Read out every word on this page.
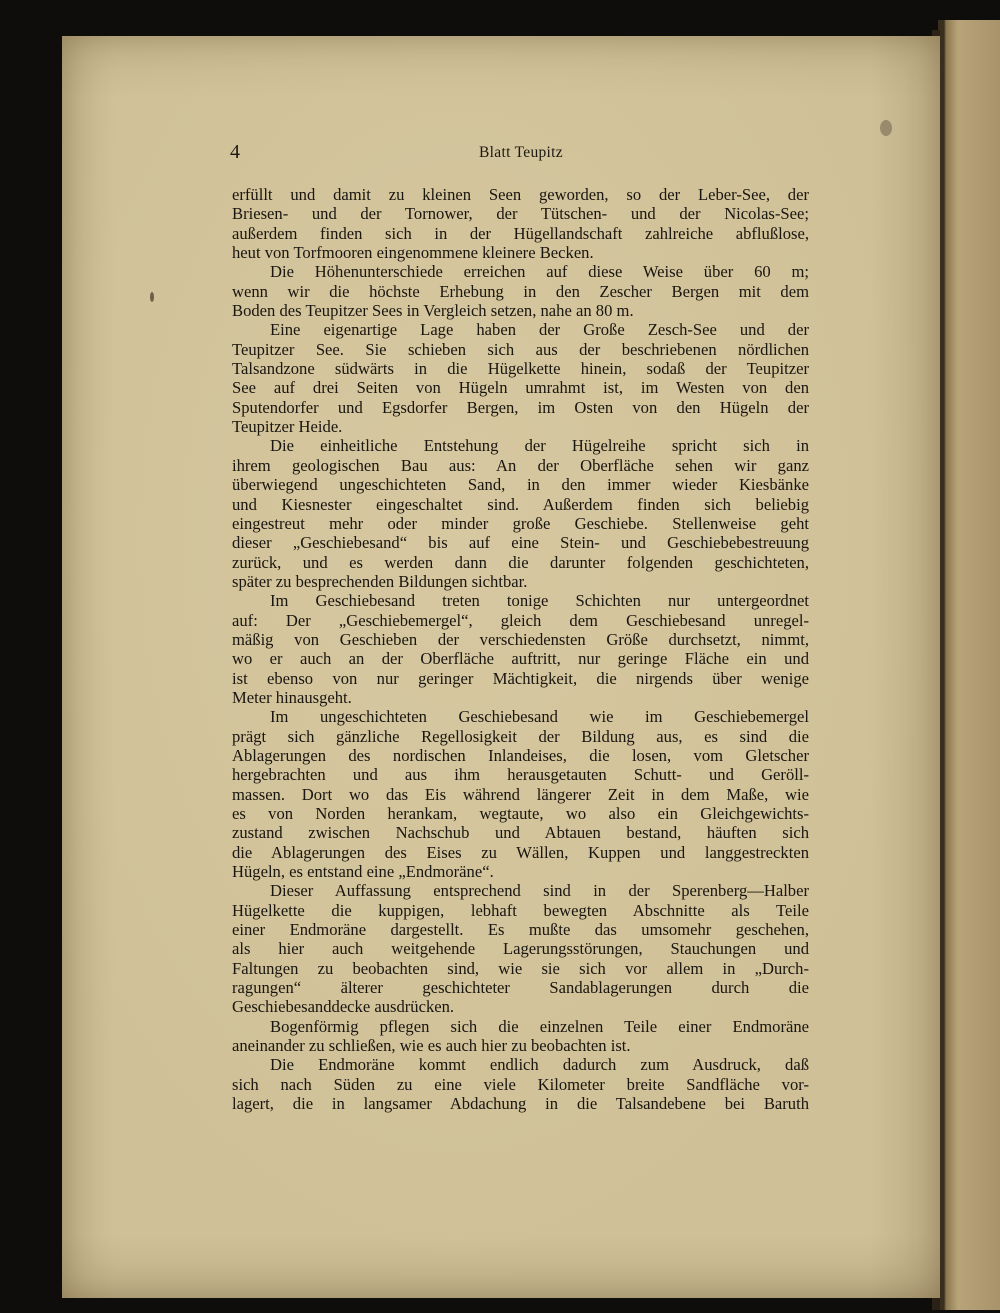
4	Blatt Teupitz
erfüllt und damit zu kleinen Seen geworden, so der Leber-See, der
Briesen- und der Tornower, der Tütschen- und der Nicolas-See;
außerdem finden sich in der Hügellandschaft zahlreiche abflußlose,
heut von Torfmooren eingenommene kleinere Becken.
Die Höhenunterschiede erreichen auf diese Weise über 60 m;
wenn wir die höchste Erhebung in den Zescher Bergen mit dem
Boden des Teupitzer Sees in Vergleich setzen, nahe an 80 m.
Eine eigenartige Lage haben der Große Zesch-See und der
Teupitzer See. Sie schieben sich aus der beschriebenen nördlichen
Talsandzone südwärts in die Hügelkette hinein, sodaß der Teupitzer
See auf drei Seiten von Hügeln umrahmt ist, im Westen von den
Sputendorfer und Egsdorfer Bergen, im Osten von den Hügeln der
Teupitzer Heide.
Die einheitliche Entstehung der Hügelreihe spricht sich in
ihrem geologischen Bau aus: An der Oberfläche sehen wir ganz
überwiegend ungeschichteten Sand, in den immer wieder Kiesbänke
und Kiesnester eingeschaltet sind. Außerdem finden sich beliebig
eingestreut mehr oder minder große Geschiebe. Stellenweise geht
dieser „Geschiebesand“ bis auf eine Stein- und Geschiebebestreuung
zurück, und es werden dann die darunter folgenden geschichteten,
später zu besprechenden Bildungen sichtbar.
Im Geschiebesand treten tonige Schichten nur untergeordnet
auf: Der „Geschiebemergel“, gleich dem Geschiebesand unregel-
mäßig von Geschieben der verschiedensten Größe durchsetzt, nimmt,
wo er auch an der Oberfläche auftritt, nur geringe Fläche ein und
ist ebenso von nur geringer Mächtigkeit, die nirgends über wenige
Meter hinausgeht.
Im ungeschichteten Geschiebesand wie im Geschiebemergel
prägt sich gänzliche Regellosigkeit der Bildung aus, es sind die
Ablagerungen des nordischen Inlandeises, die losen, vom Gletscher
hergebrachten und aus ihm herausgetauten Schutt- und Geröll-
massen. Dort wo das Eis während längerer Zeit in dem Maße, wie
es von Norden herankam, wegtaute, wo also ein Gleichgewichts-
zustand zwischen Nachschub und Abtauen bestand, häuften sich
die Ablagerungen des Eises zu Wällen, Kuppen und langgestreckten
Hügeln, es entstand eine „Endmoräne“.
Dieser Auffassung entsprechend sind in der Sperenberg—Halber
Hügelkette die kuppigen, lebhaft bewegten Abschnitte als Teile
einer Endmoräne dargestellt. Es mußte das umsomehr geschehen,
als hier auch weitgehende Lagerungsstörungen, Stauchungen und
Faltungen zu beobachten sind, wie sie sich vor allem in „Durch-
ragungen“ älterer geschichteter Sandablagerungen durch die
Geschiebesanddecke ausdrücken.
Bogenförmig pflegen sich die einzelnen Teile einer Endmoräne
aneinander zu schließen, wie es auch hier zu beobachten ist.
Die Endmoräne kommt endlich dadurch zum Ausdruck, daß
sich nach Süden zu eine viele Kilometer breite Sandfläche vor-
lagert, die in langsamer Abdachung in die Talsandebene bei Baruth
